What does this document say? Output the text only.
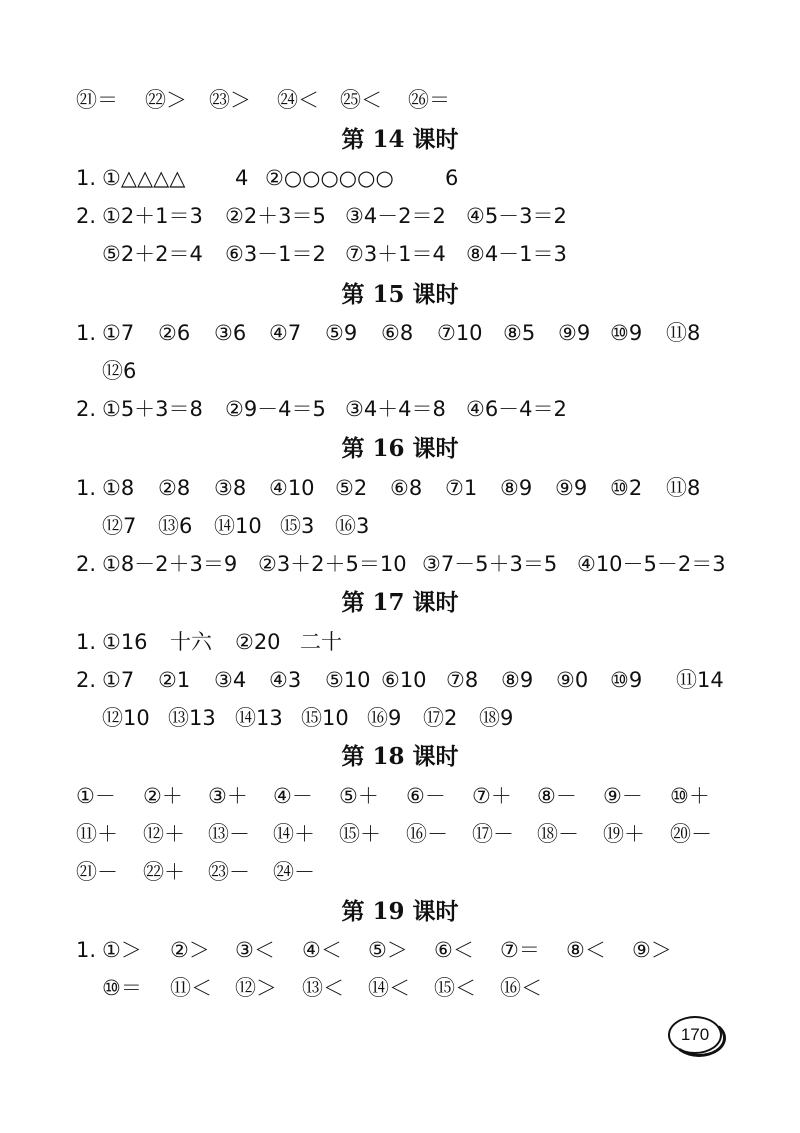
㉑＝ ㉒＞ ㉓＞ ㉔＜ ㉕＜ ㉖＝
第 14 课时
1. ①△△△△ 4 ②○○○○○○ 6
2. ①2＋1＝3 ②2＋3＝5 ③4－2＝2 ④5－3＝2
⑤2＋2＝4 ⑥3－1＝2 ⑦3＋1＝4 ⑧4－1＝3
第 15 课时
1. ①7 ②6 ③6 ④7 ⑤9 ⑥8 ⑦10 ⑧5 ⑨9 ⑩9 ⑪8
⑫6
2. ①5＋3＝8 ②9－4＝5 ③4＋4＝8 ④6－4＝2
第 16 课时
1. ①8 ②8 ③8 ④10 ⑤2 ⑥8 ⑦1 ⑧9 ⑨9 ⑩2 ⑪8
⑫7 ⑬6 ⑭10 ⑮3 ⑯3
2. ①8－2＋3＝9 ②3＋2＋5＝10 ③7－5＋3＝5 ④10－5－2＝3
第 17 课时
1. ①16 十六 ②20 二十
2. ①7 ②1 ③4 ④3 ⑤10 ⑥10 ⑦8 ⑧9 ⑨0 ⑩9 ⑪14
⑫10 ⑬13 ⑭13 ⑮10 ⑯9 ⑰2 ⑱9
第 18 课时
①－ ②＋ ③＋ ④－ ⑤＋ ⑥－ ⑦＋ ⑧－ ⑨－ ⑩＋
⑪＋ ⑫＋ ⑬－ ⑭＋ ⑮＋ ⑯－ ⑰－ ⑱－ ⑲＋ ⑳－
㉑－ ㉒＋ ㉓－ ㉔－
第 19 课时
1. ①＞ ②＞ ③＜ ④＜ ⑤＞ ⑥＜ ⑦＝ ⑧＜ ⑨＞
⑩＝ ⑪＜ ⑫＞ ⑬＜ ⑭＜ ⑮＜ ⑯＜
170
